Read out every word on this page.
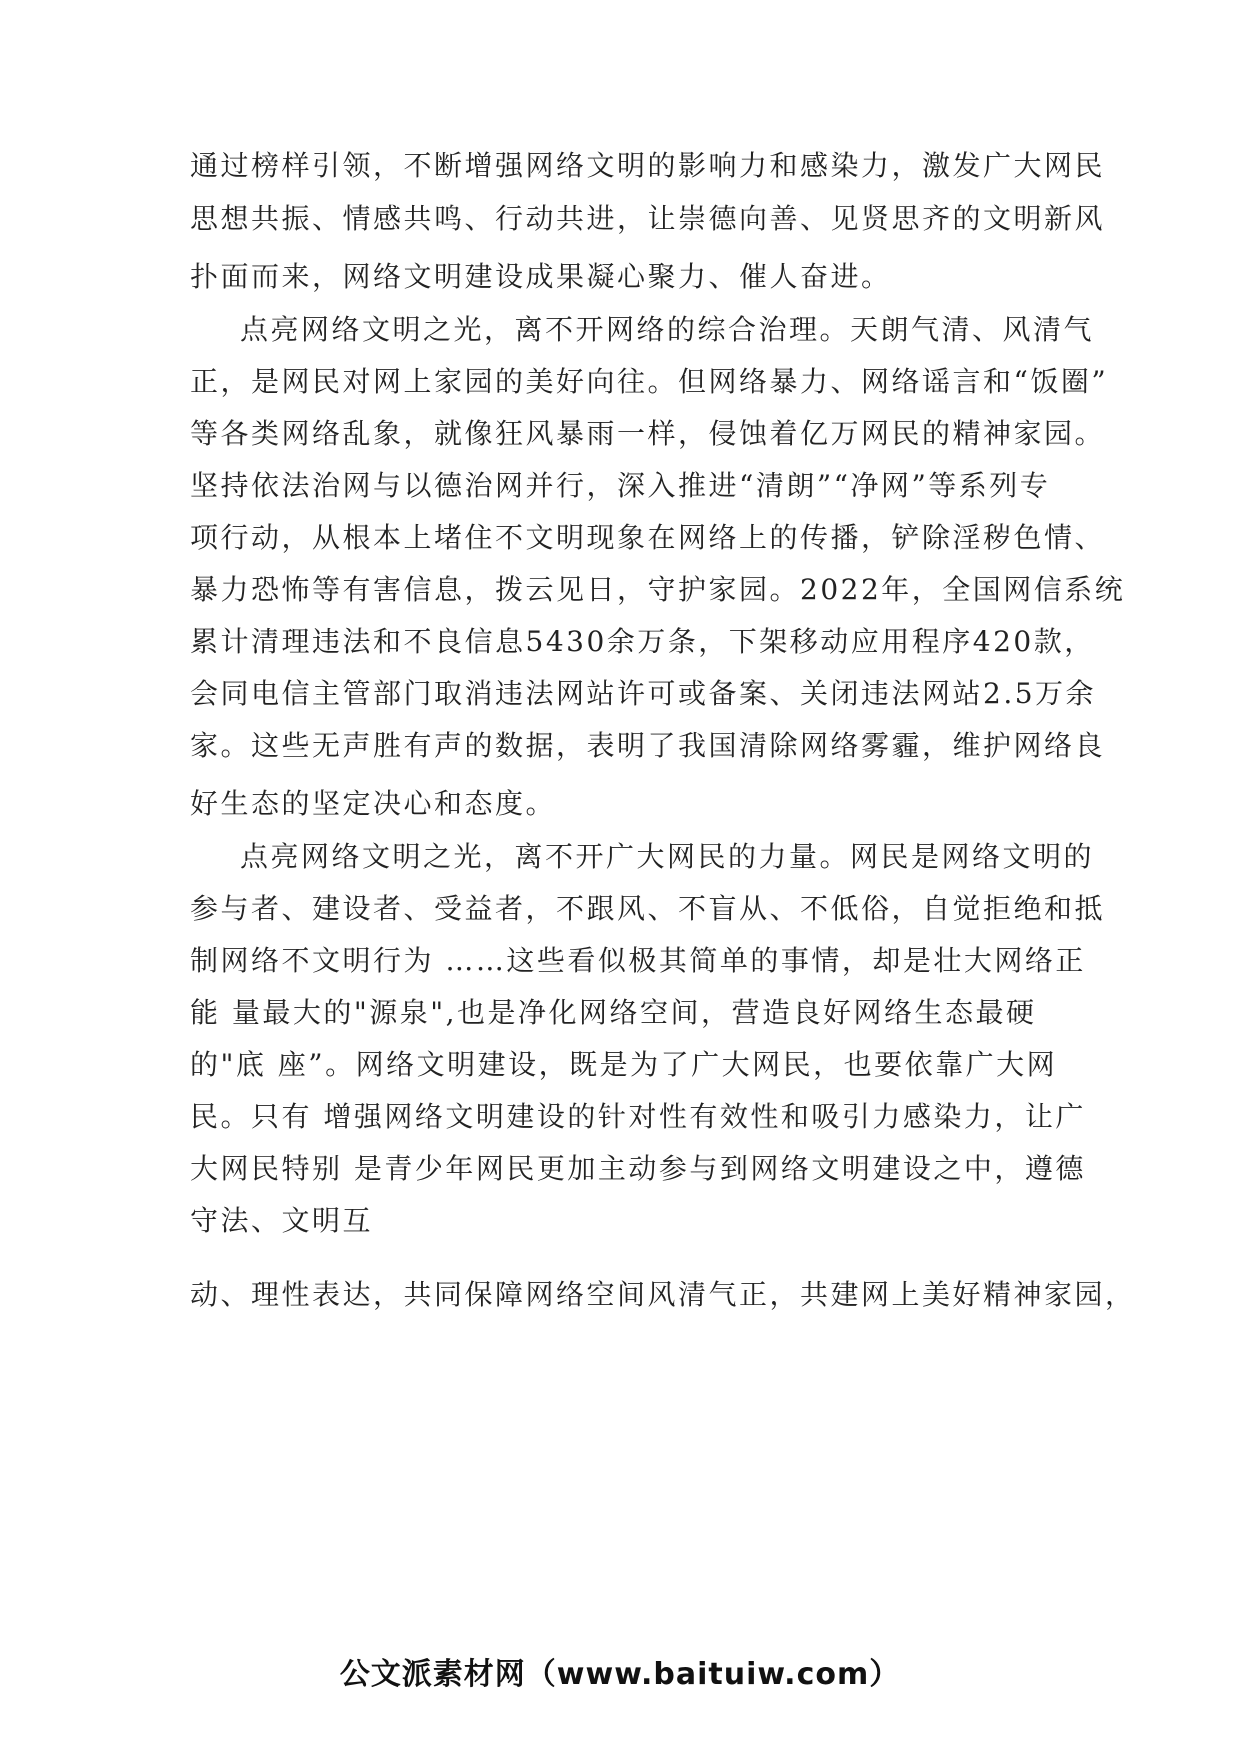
通过榜样引领，不断增强网络文明的影响力和感染力，激发广大网民
思想共振、情感共鸣、行动共进，让崇德向善、见贤思齐的文明新风
扑面而来，网络文明建设成果凝心聚力、催人奋进。
点亮网络文明之光，离不开网络的综合治理。天朗气清、风清气
正，是网民对网上家园的美好向往。但网络暴力、网络谣言和“饭圈”
等各类网络乱象，就像狂风暴雨一样，侵蚀着亿万网民的精神家园。
坚持依法治网与以德治网并行，深入推进“清朗”“净网”等系列专
项行动，从根本上堵住不文明现象在网络上的传播，铲除淫秽色情、
暴力恐怖等有害信息，拨云见日，守护家园。2022年，全国网信系统
累计清理违法和不良信息5430余万条，下架移动应用程序420款，
会同电信主管部门取消违法网站许可或备案、关闭违法网站2.5万余
家。这些无声胜有声的数据，表明了我国清除网络雾霾，维护网络良
好生态的坚定决心和态度。
点亮网络文明之光，离不开广大网民的力量。网民是网络文明的
参与者、建设者、受益者，不跟风、不盲从、不低俗，自觉拒绝和抵
制网络不文明行为 ……这些看似极其简单的事情，却是壮大网络正
能 量最大的"源泉",也是净化网络空间，营造良好网络生态最硬
的"底 座”。网络文明建设，既是为了广大网民，也要依靠广大网
民。只有 增强网络文明建设的针对性有效性和吸引力感染力，让广
大网民特别 是青少年网民更加主动参与到网络文明建设之中，遵德
守法、文明互
动、理性表达，共同保障网络空间风清气正，共建网上美好精神家园，
公文派素材网（www.baituiw.com）
